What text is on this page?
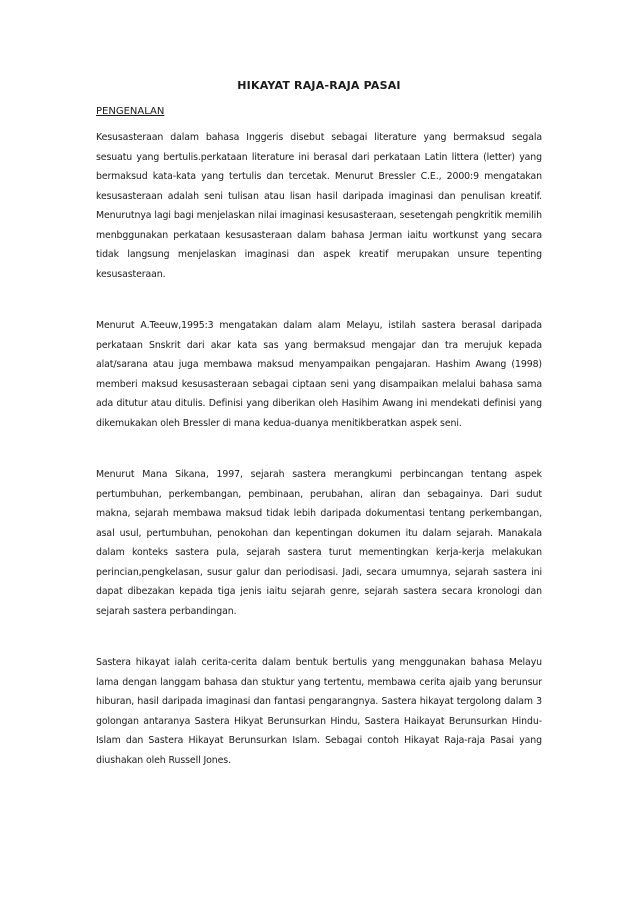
HIKAYAT RAJA-RAJA PASAI
PENGENALAN

Kesusasteraan dalam bahasa Inggeris disebut sebagai literature yang bermaksud segala sesuatu yang bertulis.perkataan literature ini berasal dari perkataan Latin littera (letter) yang bermaksud kata-kata yang tertulis dan tercetak. Menurut Bressler C.E., 2000:9 mengatakan kesusasteraan adalah seni tulisan atau lisan hasil daripada imaginasi dan penulisan kreatif. Menurutnya lagi bagi menjelaskan nilai imaginasi kesusasteraan, sesetengah pengkritik memilih menbggunakan perkataan kesusasteraan dalam bahasa Jerman iaitu wortkunst yang secara tidak langsung menjelaskan imaginasi dan aspek kreatif merupakan unsure tepenting kesusasteraan.

Menurut A.Teeuw,1995:3 mengatakan dalam alam Melayu, istilah sastera berasal daripada perkataan Snskrit dari akar kata sas yang bermaksud mengajar dan tra merujuk kepada alat/sarana atau juga membawa maksud menyampaikan pengajaran. Hashim Awang (1998) memberi maksud kesusasteraan sebagai ciptaan seni yang disampaikan melalui bahasa sama ada ditutur atau ditulis. Definisi yang diberikan oleh Hasihim Awang ini mendekati definisi yang dikemukakan oleh Bressler di mana kedua-duanya menitikberatkan aspek seni.

Menurut Mana Sikana, 1997, sejarah sastera merangkumi perbincangan tentang aspek pertumbuhan, perkembangan, pembinaan, perubahan, aliran dan sebagainya. Dari sudut makna, sejarah membawa maksud tidak lebih daripada dokumentasi tentang perkembangan, asal usul, pertumbuhan, penokohan dan kepentingan dokumen itu dalam sejarah. Manakala dalam konteks sastera pula, sejarah sastera turut mementingkan kerja-kerja melakukan perincian,pengkelasan, susur galur dan periodisasi. Jadi, secara umumnya, sejarah sastera ini dapat dibezakan kepada tiga jenis iaitu sejarah genre, sejarah sastera secara kronologi dan sejarah sastera perbandingan.

Sastera hikayat ialah cerita-cerita dalam bentuk bertulis yang menggunakan bahasa Melayu lama dengan langgam bahasa dan stuktur yang tertentu, membawa cerita ajaib yang berunsur hiburan, hasil daripada imaginasi dan fantasi pengarangnya. Sastera hikayat tergolong dalam 3 golongan antaranya Sastera Hikyat Berunsurkan Hindu, Sastera Haikayat Berunsurkan Hindu-Islam dan Sastera Hikayat Berunsurkan Islam. Sebagai contoh Hikayat Raja-raja Pasai yang diushakan oleh Russell Jones.
